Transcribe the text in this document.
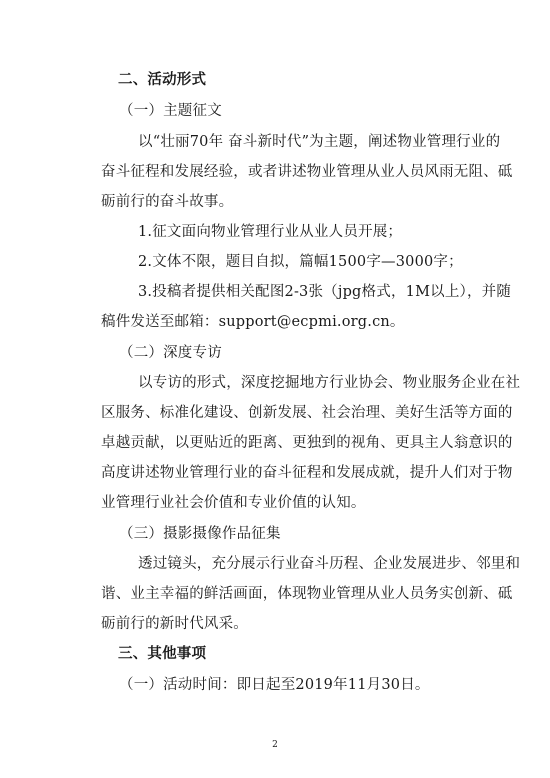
二、活动形式

（一）主题征文

以“壮丽70年 奋斗新时代”为主题，阐述物业管理行业的

奋斗征程和发展经验，或者讲述物业管理从业人员风雨无阻、砥

砺前行的奋斗故事。

1.征文面向物业管理行业从业人员开展；

2.文体不限，题目自拟，篇幅1500字—3000字；

3.投稿者提供相关配图2-3张（jpg格式，1M以上），并随

稿件发送至邮箱：support@ecpmi.org.cn。

（二）深度专访

以专访的形式，深度挖掘地方行业协会、物业服务企业在社

区服务、标准化建设、创新发展、社会治理、美好生活等方面的

卓越贡献，以更贴近的距离、更独到的视角、更具主人翁意识的

高度讲述物业管理行业的奋斗征程和发展成就，提升人们对于物

业管理行业社会价值和专业价值的认知。

（三）摄影摄像作品征集

透过镜头，充分展示行业奋斗历程、企业发展进步、邻里和

谐、业主幸福的鲜活画面，体现物业管理从业人员务实创新、砥

砺前行的新时代风采。

三、其他事项

（一）活动时间：即日起至2019年11月30日。

2
